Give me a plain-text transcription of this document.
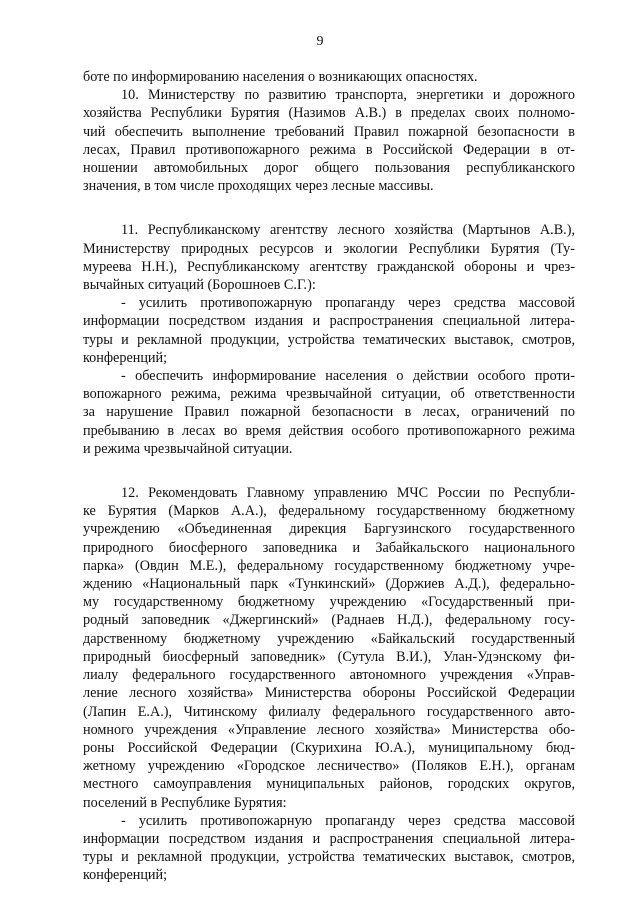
9
боте по информированию населения о возникающих опасностях.
10. Министерству по развитию транспорта, энергетики и дорожного
хозяйства Республики Бурятия (Назимов А.В.) в пределах своих полномо-
чий обеспечить выполнение требований Правил пожарной безопасности в
лесах, Правил противопожарного режима в Российской Федерации в от-
ношении автомобильных дорог общего пользования республиканского
значения, в том числе проходящих через лесные массивы.
11. Республиканскому агентству лесного хозяйства (Мартынов А.В.),
Министерству природных ресурсов и экологии Республики Бурятия (Ту-
муреева Н.Н.), Республиканскому агентству гражданской обороны и чрез-
вычайных ситуаций (Борошноев С.Г.):
- усилить противопожарную пропаганду через средства массовой
информации посредством издания и распространения специальной литера-
туры и рекламной продукции, устройства тематических выставок, смотров,
конференций;
- обеспечить информирование населения о действии особого проти-
вопожарного режима, режима чрезвычайной ситуации, об ответственности
за нарушение Правил пожарной безопасности в лесах, ограничений по
пребыванию в лесах во время действия особого противопожарного режима
и режима чрезвычайной ситуации.
12. Рекомендовать Главному управлению МЧС России по Республи-
ке Бурятия (Марков А.А.), федеральному государственному бюджетному
учреждению «Объединенная дирекция Баргузинского государственного
природного биосферного заповедника и Забайкальского национального
парка» (Овдин М.Е.), федеральному государственному бюджетному учре-
ждению «Национальный парк «Тункинский» (Доржиев А.Д.), федерально-
му государственному бюджетному учреждению «Государственный при-
родный заповедник «Джергинский» (Раднаев Н.Д.), федеральному госу-
дарственному бюджетному учреждению «Байкальский государственный
природный биосферный заповедник» (Сутула В.И.), Улан-Удэнскому фи-
лиалу федерального государственного автономного учреждения «Управ-
ление лесного хозяйства» Министерства обороны Российской Федерации
(Лапин Е.А.), Читинскому филиалу федерального государственного авто-
номного учреждения «Управление лесного хозяйства» Министерства обо-
роны Российской Федерации (Скурихина Ю.А.), муниципальному бюд-
жетному учреждению «Городское лесничество» (Поляков Е.Н.), органам
местного самоуправления муниципальных районов, городских округов,
поселений в Республике Бурятия:
- усилить противопожарную пропаганду через средства массовой
информации посредством издания и распространения специальной литера-
туры и рекламной продукции, устройства тематических выставок, смотров,
конференций;
